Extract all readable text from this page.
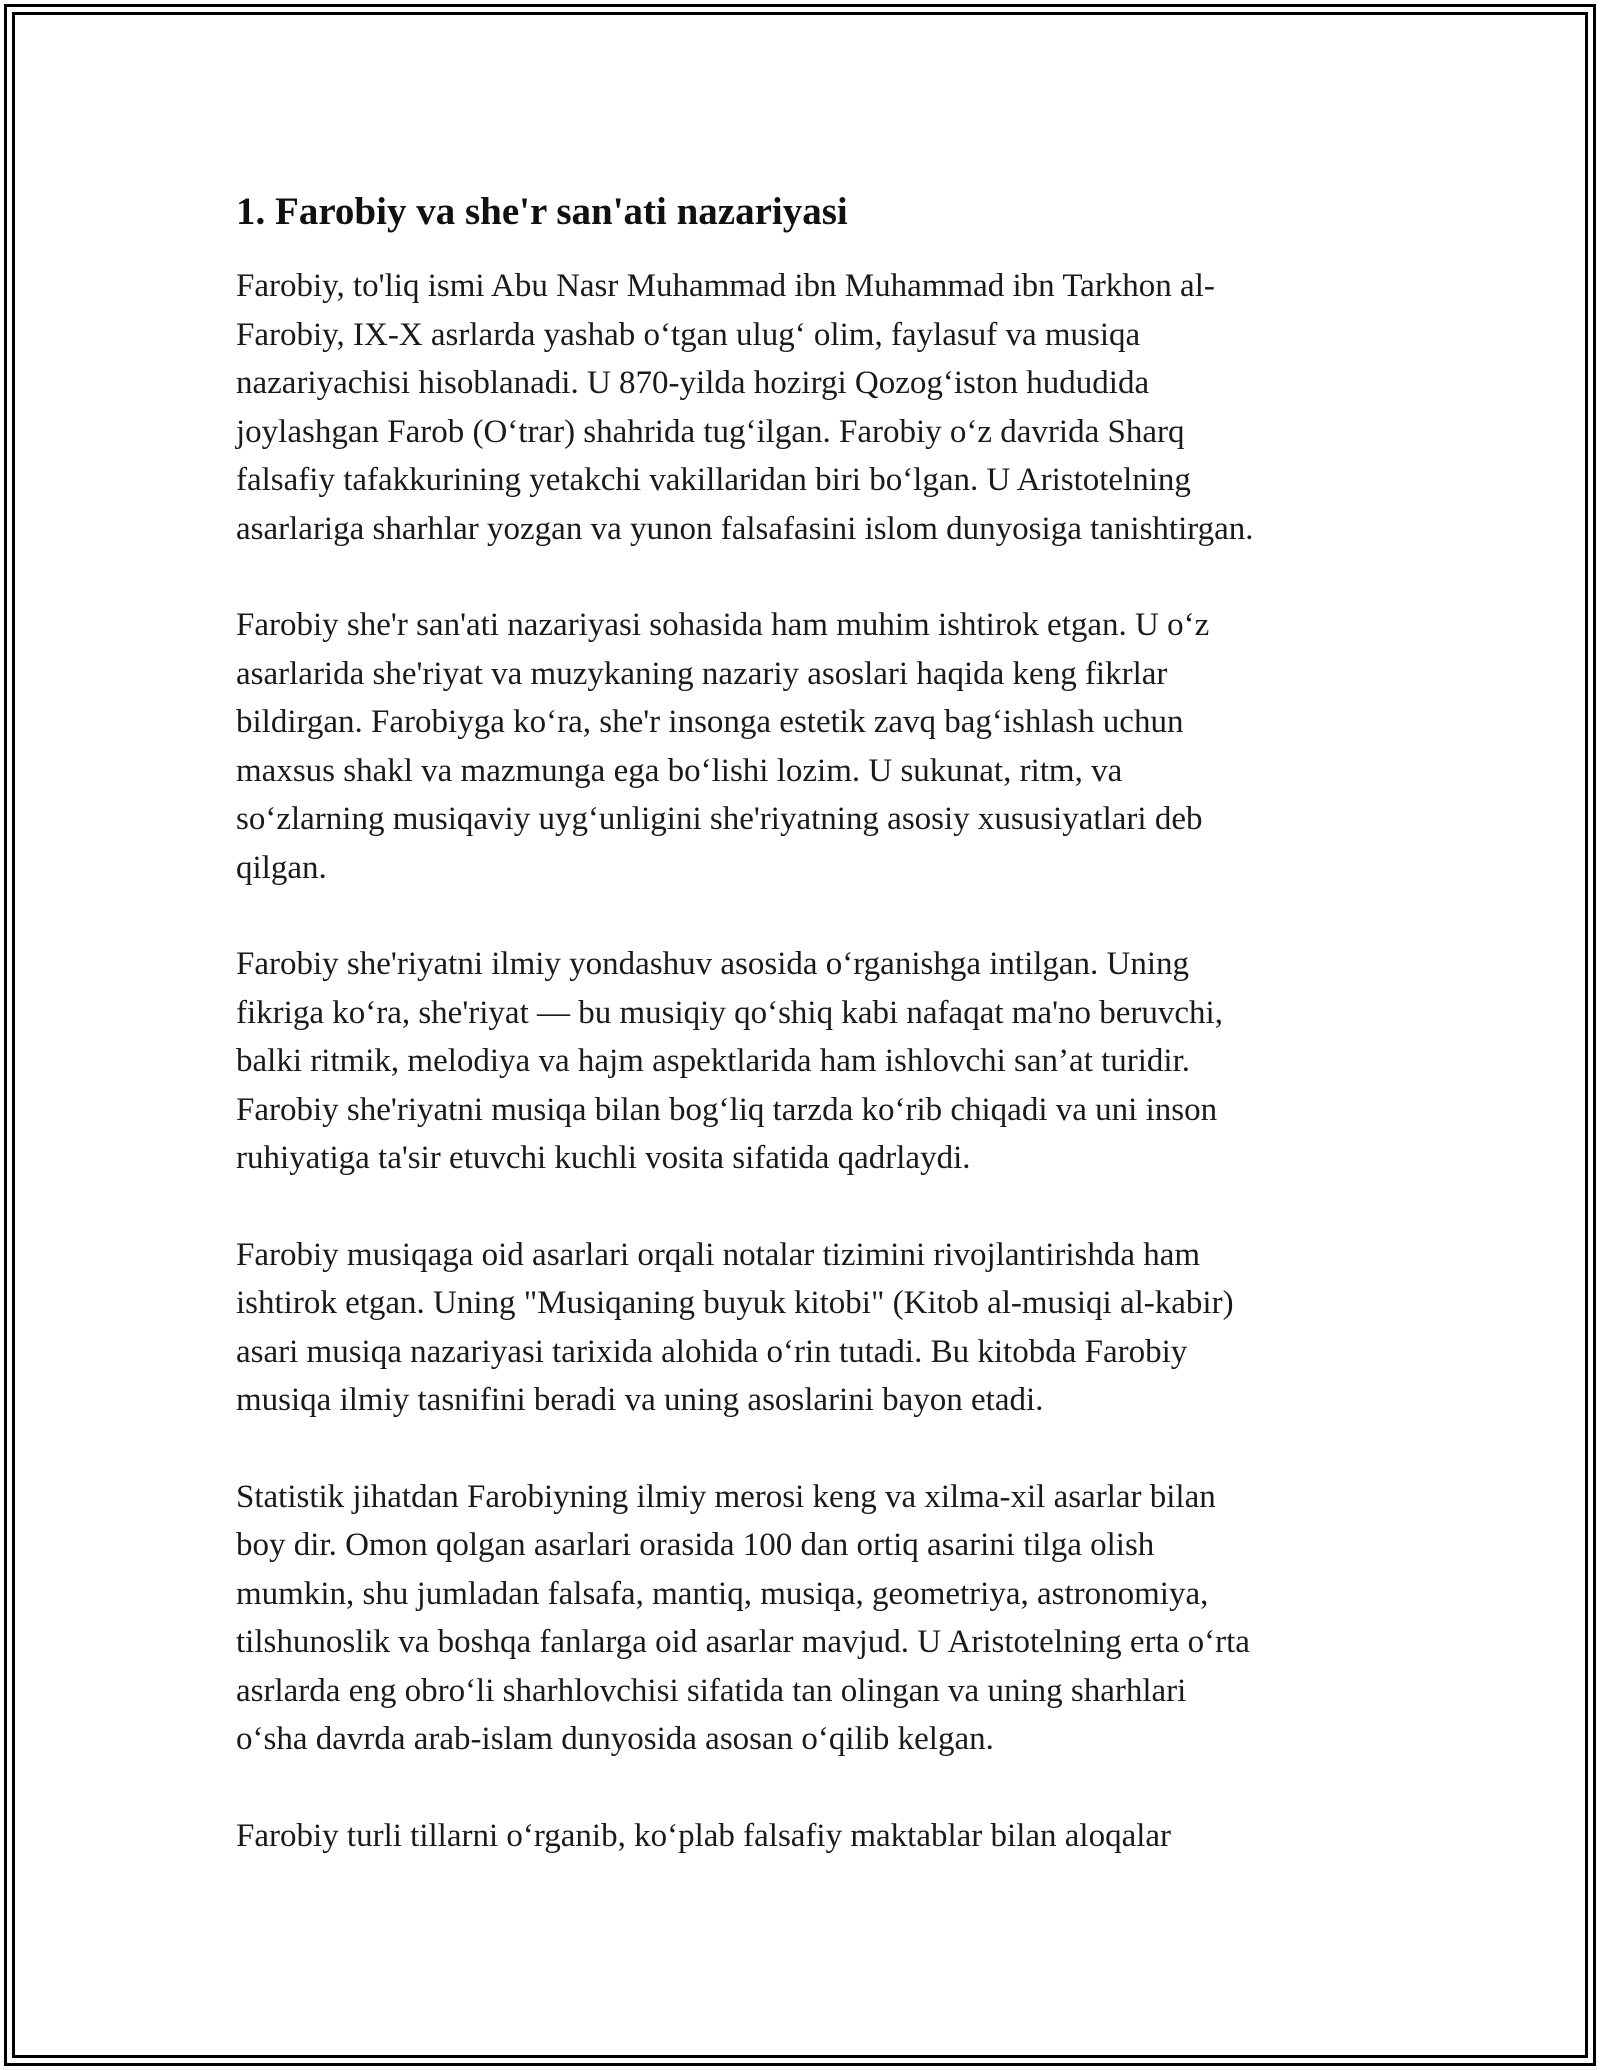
1. Farobiy va she'r san'ati nazariyasi
Farobiy, to'liq ismi Abu Nasr Muhammad ibn Muhammad ibn Tarkhon al-
Farobiy, IX-X asrlarda yashab o‘tgan ulug‘ olim, faylasuf va musiqa
nazariyachisi hisoblanadi. U 870-yilda hozirgi Qozog‘iston hududida
joylashgan Farob (O‘trar) shahrida tug‘ilgan. Farobiy o‘z davrida Sharq
falsafiy tafakkurining yetakchi vakillaridan biri bo‘lgan. U Aristotelning
asarlariga sharhlar yozgan va yunon falsafasini islom dunyosiga tanishtirgan.
Farobiy she'r san'ati nazariyasi sohasida ham muhim ishtirok etgan. U o‘z
asarlarida she'riyat va muzykaning nazariy asoslari haqida keng fikrlar
bildirgan. Farobiyga ko‘ra, she'r insonga estetik zavq bag‘ishlash uchun
maxsus shakl va mazmunga ega bo‘lishi lozim. U sukunat, ritm, va
so‘zlarning musiqaviy uyg‘unligini she'riyatning asosiy xususiyatlari deb
qilgan.
Farobiy she'riyatni ilmiy yondashuv asosida o‘rganishga intilgan. Uning
fikriga ko‘ra, she'riyat — bu musiqiy qo‘shiq kabi nafaqat ma'no beruvchi,
balki ritmik, melodiya va hajm aspektlarida ham ishlovchi san’at turidir.
Farobiy she'riyatni musiqa bilan bog‘liq tarzda ko‘rib chiqadi va uni inson
ruhiyatiga ta'sir etuvchi kuchli vosita sifatida qadrlaydi.
Farobiy musiqaga oid asarlari orqali notalar tizimini rivojlantirishda ham
ishtirok etgan. Uning "Musiqaning buyuk kitobi" (Kitob al-musiqi al-kabir)
asari musiqa nazariyasi tarixida alohida o‘rin tutadi. Bu kitobda Farobiy
musiqa ilmiy tasnifini beradi va uning asoslarini bayon etadi.
Statistik jihatdan Farobiyning ilmiy merosi keng va xilma-xil asarlar bilan
boy dir. Omon qolgan asarlari orasida 100 dan ortiq asarini tilga olish
mumkin, shu jumladan falsafa, mantiq, musiqa, geometriya, astronomiya,
tilshunoslik va boshqa fanlarga oid asarlar mavjud. U Aristotelning erta o‘rta
asrlarda eng obro‘li sharhlovchisi sifatida tan olingan va uning sharhlari
o‘sha davrda arab-islam dunyosida asosan o‘qilib kelgan.
Farobiy turli tillarni o‘rganib, ko‘plab falsafiy maktablar bilan aloqalar
